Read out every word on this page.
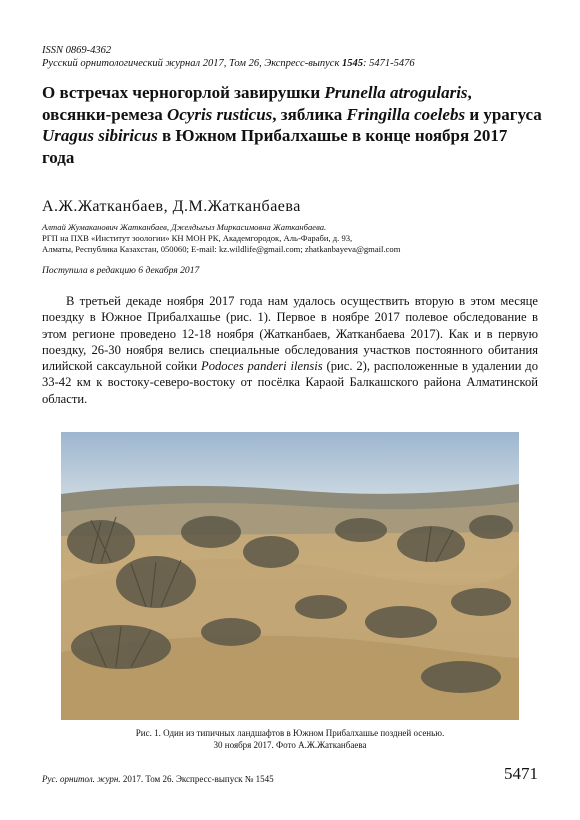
ISSN 0869-4362
Русский орнитологический журнал 2017, Том 26, Экспресс-выпуск 1545: 5471-5476
О встречах черногорлой завирушки Prunella atrogularis, овсянки-ремеза Ocyris rusticus, зяблика Fringilla coelebs и урагуса Uragus sibiricus в Южном Прибалхашье в конце ноября 2017 года
А.Ж.Жатканбаев, Д.М.Жатканбаева
Алтай Жумаканович Жатканбаев, Джелдыгыз Миркасимовна Жатканбаева.
РГП на ПХВ «Институт зоологии» КН МОН РК, Академгородок, Аль-Фараби, д. 93,
Алматы, Республика Казахстан, 050060; E-mail: kz.wildlife@gmail.com; zhatkanbayeva@gmail.com
Поступила в редакцию 6 декабря 2017

В третьей декаде ноября 2017 года нам удалось осуществить вторую в этом месяце поездку в Южное Прибалхашье (рис. 1). Первое в ноябре 2017 полевое обследование в этом регионе проведено 12-18 ноября (Жатканбаев, Жатканбаева 2017). Как и в первую поездку, 26-30 ноября велись специальные обследования участков постоянного обитания илийской саксаульной сойки Podoces panderi ilensis (рис. 2), расположенные в удалении до 33-42 км к востоку-северо-востоку от посёлка Караой Балкашского района Алматинской области.

Рис. 1. Один из типичных ландшафтов в Южном Прибалхашье поздней осенью.
30 ноября 2017. Фото А.Ж.Жатканбаева
Рус. орнитол. журн. 2017. Том 26. Экспресс-выпуск № 1545	5471
